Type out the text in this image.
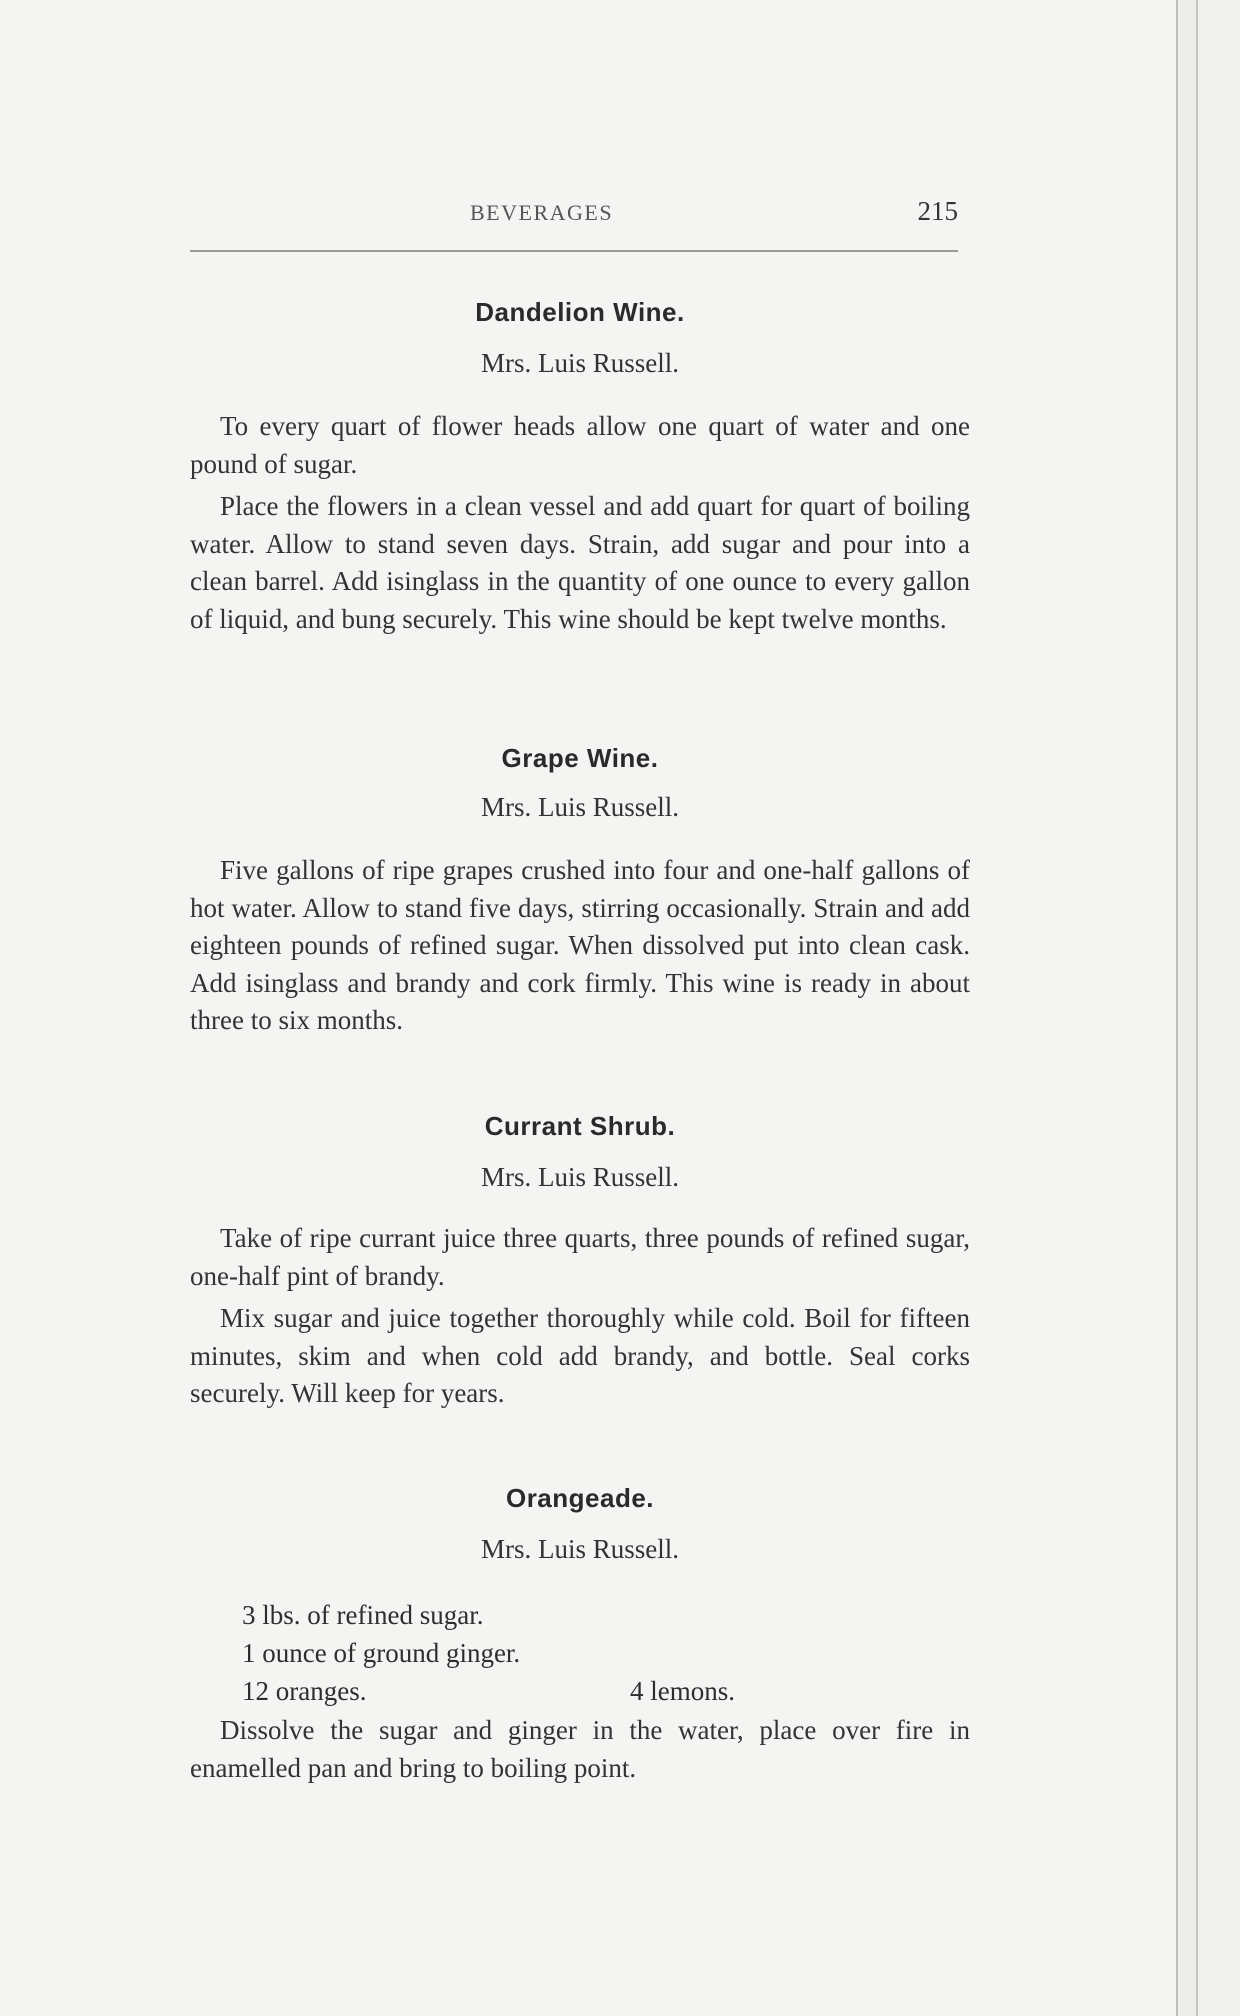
BEVERAGES	215
Dandelion Wine.

Mrs. Luis Russell.

To every quart of flower heads allow one quart of water and one pound of sugar.

Place the flowers in a clean vessel and add quart for quart of boiling water. Allow to stand seven days. Strain, add sugar and pour into a clean barrel. Add isinglass in the quantity of one ounce to every gallon of liquid, and bung securely. This wine should be kept twelve months.

Grape Wine.

Mrs. Luis Russell.

Five gallons of ripe grapes crushed into four and one-half gallons of hot water. Allow to stand five days, stirring occasionally. Strain and add eighteen pounds of refined sugar. When dissolved put into clean cask. Add isinglass and brandy and cork firmly. This wine is ready in about three to six months.

Currant Shrub.

Mrs. Luis Russell.

Take of ripe currant juice three quarts, three pounds of refined sugar, one-half pint of brandy.

Mix sugar and juice together thoroughly while cold. Boil for fifteen minutes, skim and when cold add brandy, and bottle. Seal corks securely. Will keep for years.

Orangeade.

Mrs. Luis Russell.

3 lbs. of refined sugar.

1 ounce of ground ginger.

12 oranges.	4 lemons.

Dissolve the sugar and ginger in the water, place over fire in enamelled pan and bring to boiling point.
